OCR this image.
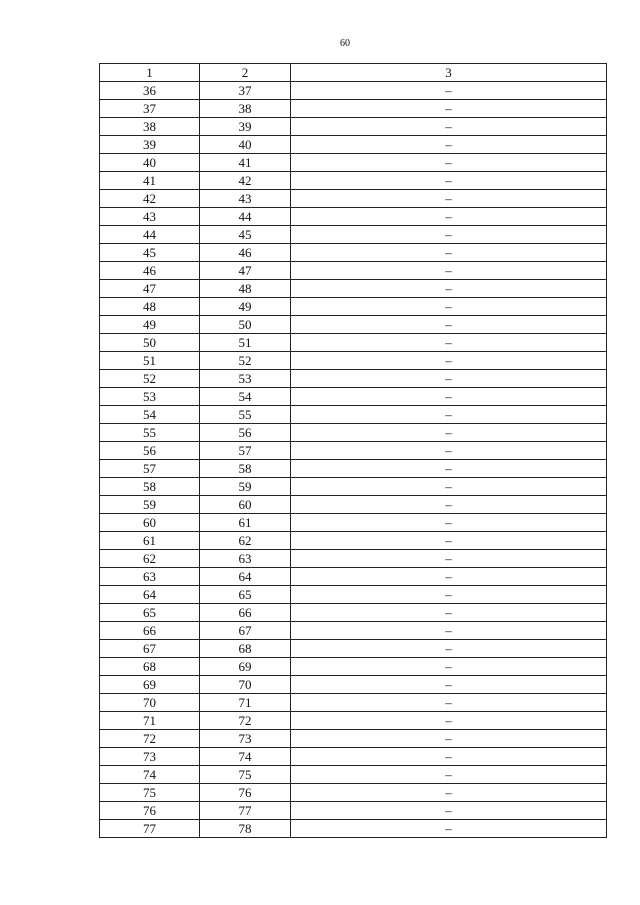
60
1	2	3
36	37	–
37	38	–
38	39	–
39	40	–
40	41	–
41	42	–
42	43	–
43	44	–
44	45	–
45	46	–
46	47	–
47	48	–
48	49	–
49	50	–
50	51	–
51	52	–
52	53	–
53	54	–
54	55	–
55	56	–
56	57	–
57	58	–
58	59	–
59	60	–
60	61	–
61	62	–
62	63	–
63	64	–
64	65	–
65	66	–
66	67	–
67	68	–
68	69	–
69	70	–
70	71	–
71	72	–
72	73	–
73	74	–
74	75	–
75	76	–
76	77	–
77	78	–
